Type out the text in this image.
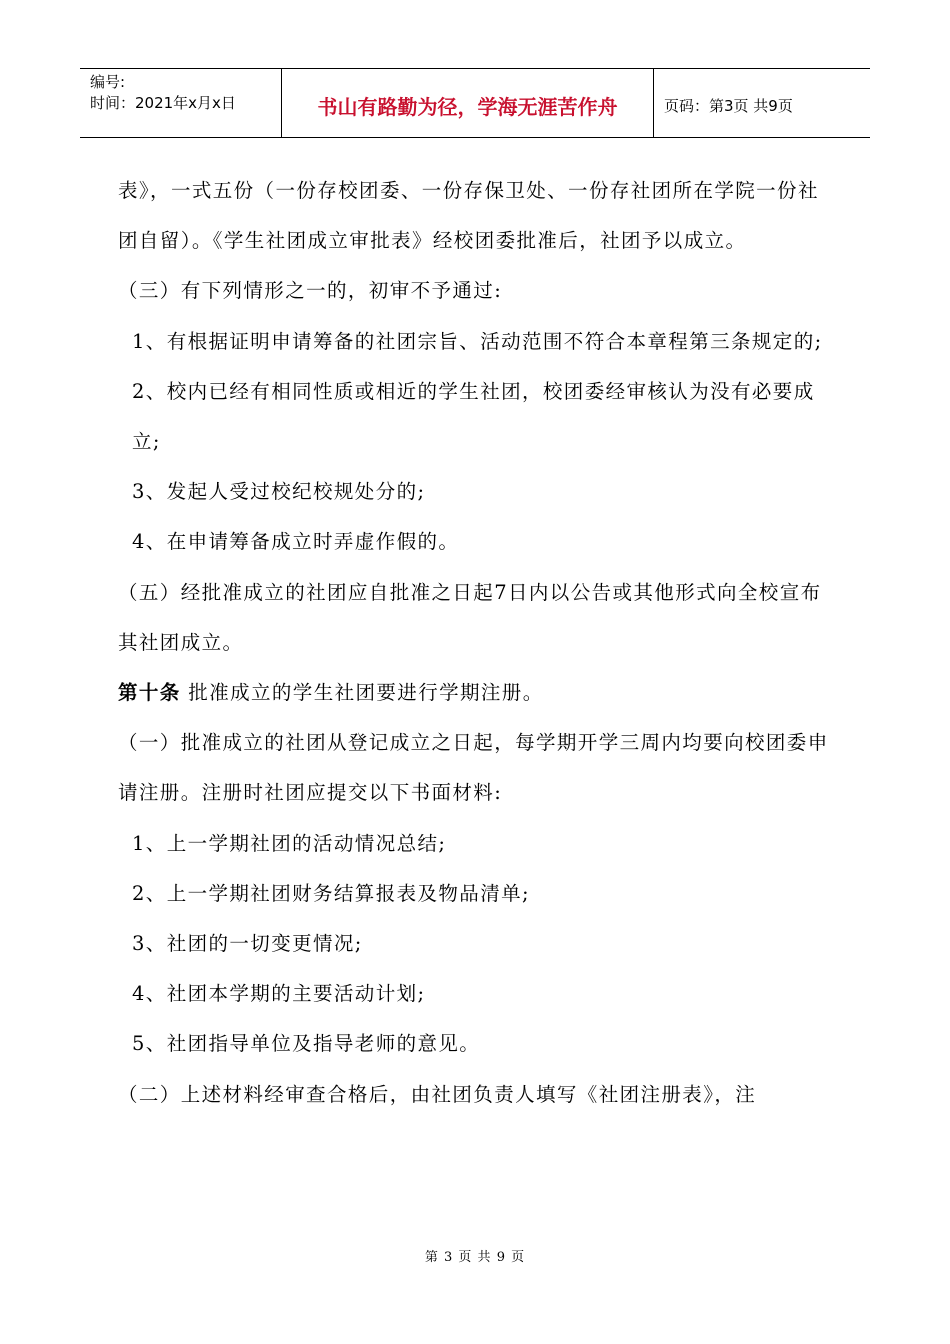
编号:
时间：2021年x月x日	书山有路勤为径，学海无涯苦作舟	页码：第3页 共9页

表》，一式五份（一份存校团委、一份存保卫处、一份存社团所在学院一份社团自留）。《学生社团成立审批表》经校团委批准后，社团予以成立。

（三）有下列情形之一的，初审不予通过:

1、有根据证明申请筹备的社团宗旨、活动范围不符合本章程第三条规定的;

2、校内已经有相同性质或相近的学生社团，校团委经审核认为没有必要成立;

3、发起人受过校纪校规处分的;

4、在申请筹备成立时弄虚作假的。

（五）经批准成立的社团应自批准之日起7日内以公告或其他形式向全校宣布其社团成立。

第十条 批准成立的学生社团要进行学期注册。

（一）批准成立的社团从登记成立之日起，每学期开学三周内均要向校团委申请注册。注册时社团应提交以下书面材料:

1、上一学期社团的活动情况总结;

2、上一学期社团财务结算报表及物品清单;

3、社团的一切变更情况;

4、社团本学期的主要活动计划;

5、社团指导单位及指导老师的意见。

（二）上述材料经审查合格后，由社团负责人填写《社团注册表》，注

第 3 页 共 9 页
